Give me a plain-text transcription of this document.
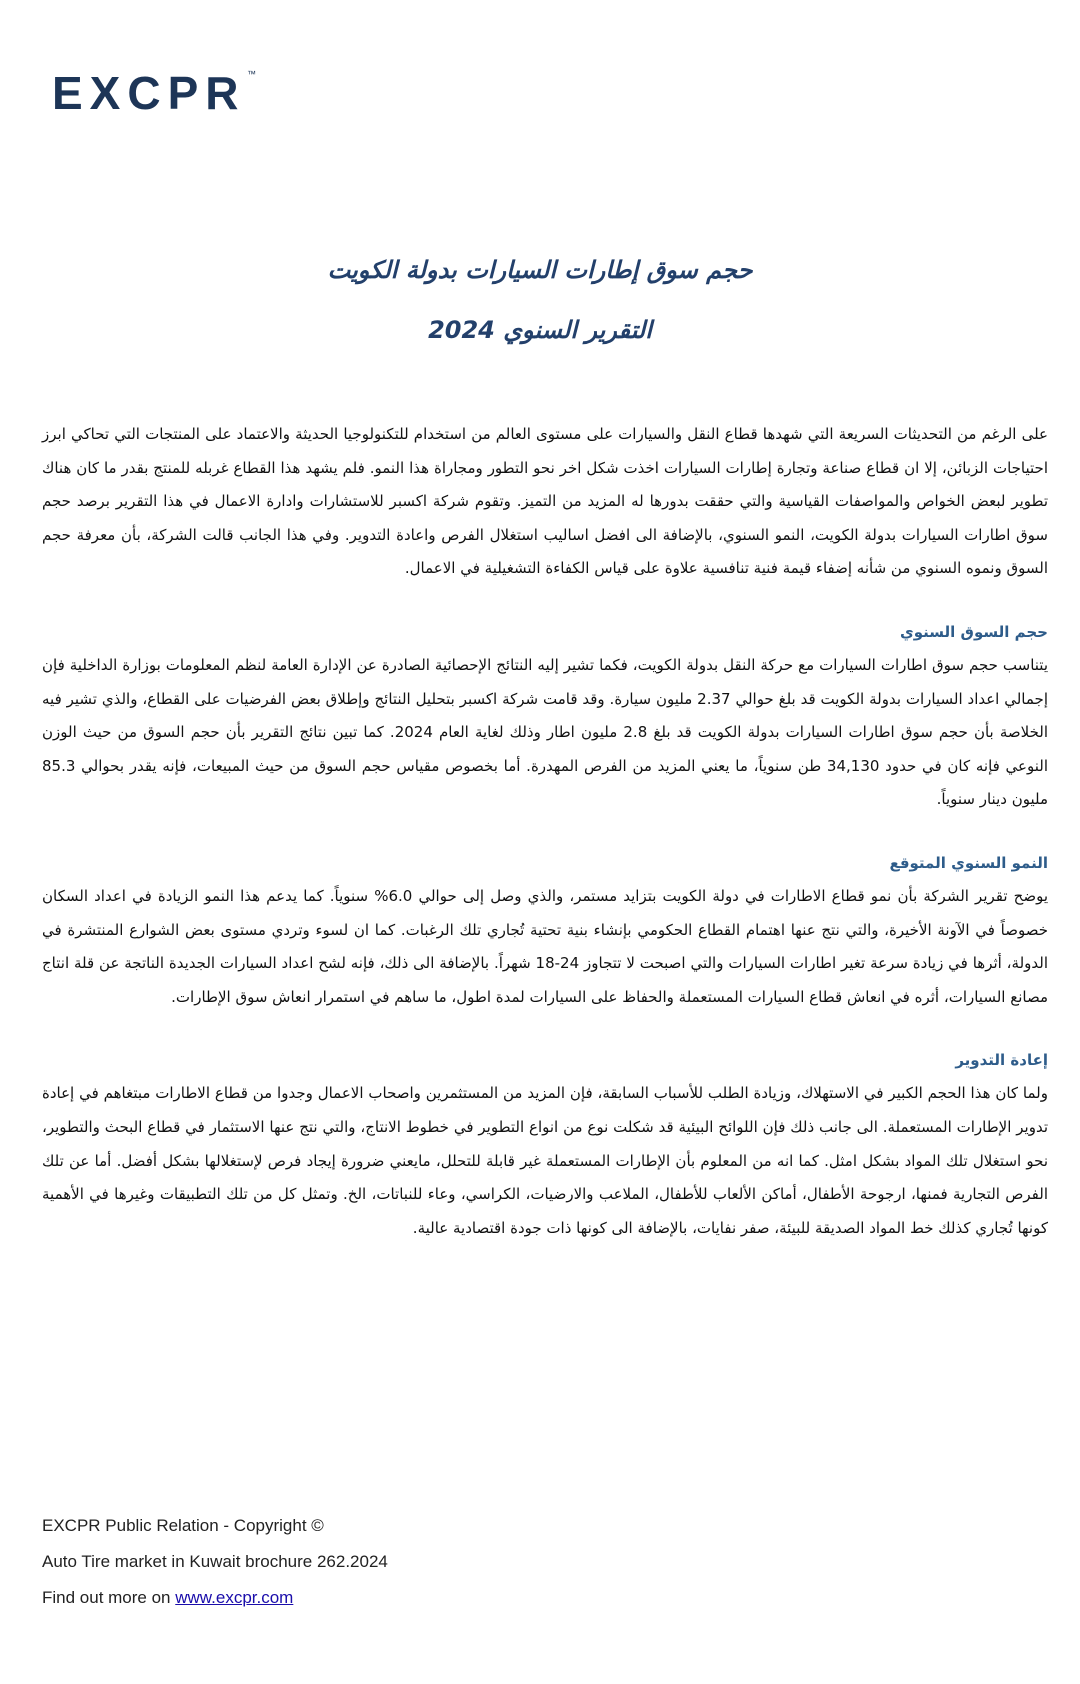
EXCPR ™

حجم سوق إطارات السيارات بدولة الكويت

التقرير السنوي 2024

على الرغم من التحديثات السريعة التي شهدها قطاع النقل والسيارات على مستوى العالم من استخدام للتكنولوجيا الحديثة والاعتماد على المنتجات التي تحاكي ابرز احتياجات الزبائن، إلا ان قطاع صناعة وتجارة إطارات السيارات اخذت شكل اخر نحو التطور ومجاراة هذا النمو. فلم يشهد هذا القطاع غربله للمنتج بقدر ما كان هناك تطوير لبعض الخواص والمواصفات القياسية والتي حققت بدورها له المزيد من التميز. وتقوم شركة اكسبر للاستشارات وادارة الاعمال في هذا التقرير برصد حجم سوق اطارات السيارات بدولة الكويت، النمو السنوي، بالإضافة الى افضل اساليب استغلال الفرص واعادة التدوير. وفي هذا الجانب قالت الشركة، بأن معرفة حجم السوق ونموه السنوي من شأنه إضفاء قيمة فنية تنافسية علاوة على قياس الكفاءة التشغيلية في الاعمال.

حجم السوق السنوي

يتناسب حجم سوق اطارات السيارات مع حركة النقل بدولة الكويت، فكما تشير إليه النتائج الإحصائية الصادرة عن الإدارة العامة لنظم المعلومات بوزارة الداخلية فإن إجمالي اعداد السيارات بدولة الكويت قد بلغ حوالي 2.37 مليون سيارة. وقد قامت شركة اكسبر بتحليل النتائج وإطلاق بعض الفرضيات على القطاع، والذي تشير فيه الخلاصة بأن حجم سوق اطارات السيارات بدولة الكويت قد بلغ 2.8 مليون اطار وذلك لغاية العام 2024. كما تبين نتائج التقرير بأن حجم السوق من حيث الوزن النوعي فإنه كان في حدود 34,130 طن سنوياً، ما يعني المزيد من الفرص المهدرة. أما بخصوص مقياس حجم السوق من حيث المبيعات، فإنه يقدر بحوالي 85.3 مليون دينار سنوياً.

النمو السنوي المتوقع

يوضح تقرير الشركة بأن نمو قطاع الاطارات في دولة الكويت بتزايد مستمر، والذي وصل إلى حوالي 6.0% سنوياً. كما يدعم هذا النمو الزيادة في اعداد السكان خصوصاً في الآونة الأخيرة، والتي نتج عنها اهتمام القطاع الحكومي بإنشاء بنية تحتية تُجاري تلك الرغبات. كما ان لسوء وتردي مستوى بعض الشوارع المنتشرة في الدولة، أثرها في زيادة سرعة تغير اطارات السيارات والتي اصبحت لا تتجاوز 24-18 شهراً. بالإضافة الى ذلك، فإنه لشح اعداد السيارات الجديدة الناتجة عن قلة انتاج مصانع السيارات، أثره في انعاش قطاع السيارات المستعملة والحفاظ على السيارات لمدة اطول، ما ساهم في استمرار انعاش سوق الإطارات.

إعادة التدوير

ولما كان هذا الحجم الكبير في الاستهلاك، وزيادة الطلب للأسباب السابقة، فإن المزيد من المستثمرين واصحاب الاعمال وجدوا من قطاع الاطارات مبتغاهم في إعادة تدوير الإطارات المستعملة. الى جانب ذلك فإن اللوائح البيئية قد شكلت نوع من انواع التطوير في خطوط الانتاج، والتي نتج عنها الاستثمار في قطاع البحث والتطوير، نحو استغلال تلك المواد بشكل امثل. كما انه من المعلوم بأن الإطارات المستعملة غير قابلة للتحلل، مايعني ضرورة إيجاد فرص لإستغلالها بشكل أفضل. أما عن تلك الفرص التجارية فمنها، ارجوحة الأطفال، أماكن الألعاب للأطفال، الملاعب والارضيات، الكراسي، وعاء للنباتات، الخ. وتمثل كل من تلك التطبيقات وغيرها في الأهمية كونها تُجاري كذلك خط المواد الصديقة للبيئة، صفر نفايات، بالإضافة الى كونها ذات جودة اقتصادية عالية.

EXCPR Public Relation - Copyright ©

Auto Tire market in Kuwait brochure 262.2024

Find out more on www.excpr.com
